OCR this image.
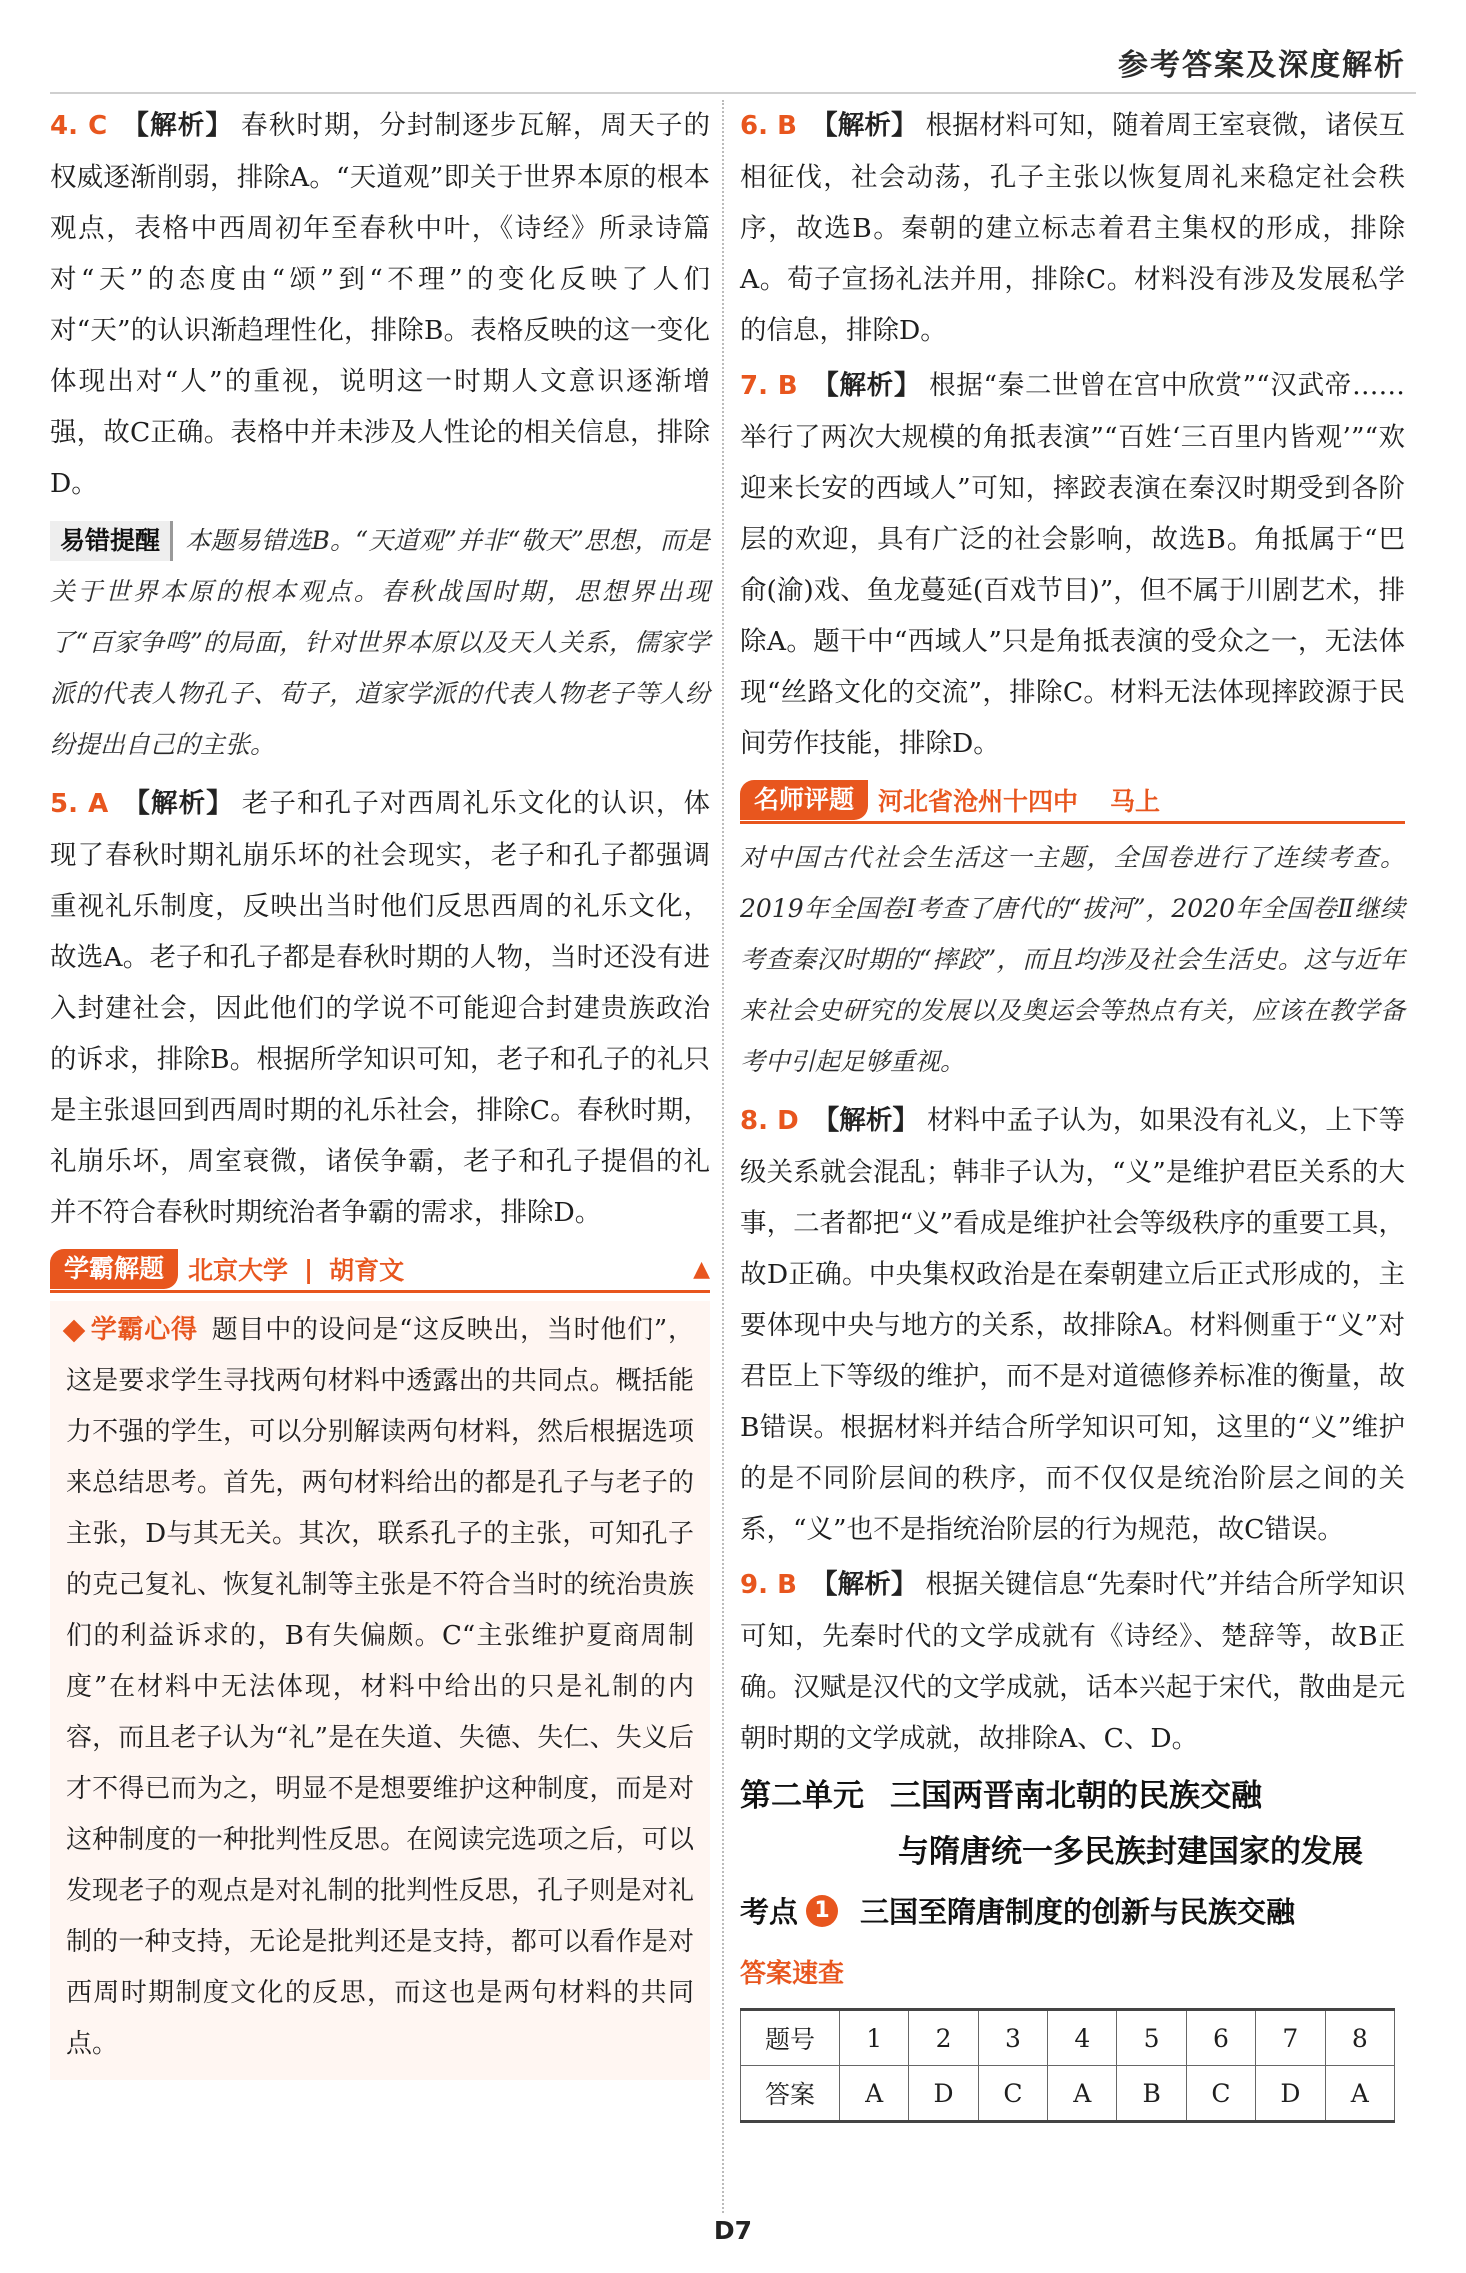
参考答案及深度解析
4. C 【解析】 春秋时期，分封制逐步瓦解，周天子的权威逐渐削弱，排除A。“天道观”即关于世界本原的根本观点，表格中西周初年至春秋中叶，《诗经》所录诗篇对“天”的态度由“颂”到“不理”的变化反映了人们对“天”的认识渐趋理性化，排除B。表格反映的这一变化体现出对“人”的重视，说明这一时期人文意识逐渐增强，故C正确。表格中并未涉及人性论的相关信息，排除D。
易错提醒 本题易错选B。“天道观”并非“敬天”思想，而是关于世界本原的根本观点。春秋战国时期，思想界出现了“百家争鸣”的局面，针对世界本原以及天人关系，儒家学派的代表人物孔子、荀子，道家学派的代表人物老子等人纷纷提出自己的主张。
5. A 【解析】 老子和孔子对西周礼乐文化的认识，体现了春秋时期礼崩乐坏的社会现实，老子和孔子都强调重视礼乐制度，反映出当时他们反思西周的礼乐文化，故选A。老子和孔子都是春秋时期的人物，当时还没有进入封建社会，因此他们的学说不可能迎合封建贵族政治的诉求，排除B。根据所学知识可知，老子和孔子的礼只是主张退回到西周时期的礼乐社会，排除C。春秋时期，礼崩乐坏，周室衰微，诸侯争霸，老子和孔子提倡的礼并不符合春秋时期统治者争霸的需求，排除D。
学霸解题 北京大学 | 胡育文	▲
学霸心得 题目中的设问是“这反映出，当时他们”，这是要求学生寻找两句材料中透露出的共同点。概括能力不强的学生，可以分别解读两句材料，然后根据选项来总结思考。首先，两句材料给出的都是孔子与老子的主张，D与其无关。其次，联系孔子的主张，可知孔子的克己复礼、恢复礼制等主张是不符合当时的统治贵族们的利益诉求的，B有失偏颇。C“主张维护夏商周制度”在材料中无法体现，材料中给出的只是礼制的内容，而且老子认为“礼”是在失道、失德、失仁、失义后才不得已而为之，明显不是想要维护这种制度，而是对这种制度的一种批判性反思。在阅读完选项之后，可以发现老子的观点是对礼制的批判性反思，孔子则是对礼制的一种支持，无论是批判还是支持，都可以看作是对西周时期制度文化的反思，而这也是两句材料的共同点。
6. B 【解析】 根据材料可知，随着周王室衰微，诸侯互相征伐，社会动荡，孔子主张以恢复周礼来稳定社会秩序，故选B。秦朝的建立标志着君主集权的形成，排除A。荀子宣扬礼法并用，排除C。材料没有涉及发展私学的信息，排除D。
7. B 【解析】 根据“秦二世曾在宫中欣赏”“汉武帝……举行了两次大规模的角抵表演”“百姓‘三百里内皆观’”“欢迎来长安的西域人”可知，摔跤表演在秦汉时期受到各阶层的欢迎，具有广泛的社会影响，故选B。角抵属于“巴俞(渝)戏、鱼龙蔓延(百戏节目)”，但不属于川剧艺术，排除A。题干中“西域人”只是角抵表演的受众之一，无法体现“丝路文化的交流”，排除C。材料无法体现摔跤源于民间劳作技能，排除D。
名师评题 河北省沧州十四中 马上
对中国古代社会生活这一主题，全国卷进行了连续考查。2019年全国卷Ⅰ考查了唐代的“拔河”，2020年全国卷Ⅱ继续考查秦汉时期的“摔跤”，而且均涉及社会生活史。这与近年来社会史研究的发展以及奥运会等热点有关，应该在教学备考中引起足够重视。
8. D 【解析】 材料中孟子认为，如果没有礼义，上下等级关系就会混乱；韩非子认为，“义”是维护君臣关系的大事，二者都把“义”看成是维护社会等级秩序的重要工具，故D正确。中央集权政治是在秦朝建立后正式形成的，主要体现中央与地方的关系，故排除A。材料侧重于“义”对君臣上下等级的维护，而不是对道德修养标准的衡量，故B错误。根据材料并结合所学知识可知，这里的“义”维护的是不同阶层间的秩序，而不仅仅是统治阶层之间的关系，“义”也不是指统治阶层的行为规范，故C错误。
9. B 【解析】 根据关键信息“先秦时代”并结合所学知识可知，先秦时代的文学成就有《诗经》、楚辞等，故B正确。汉赋是汉代的文学成就，话本兴起于宋代，散曲是元朝时期的文学成就，故排除A、C、D。
第二单元 三国两晋南北朝的民族交融
与隋唐统一多民族封建国家的发展
考点 1 三国至隋唐制度的创新与民族交融
答案速查
题号	1	2	3	4	5	6	7	8
答案	A	D	C	A	B	C	D	A
D7
